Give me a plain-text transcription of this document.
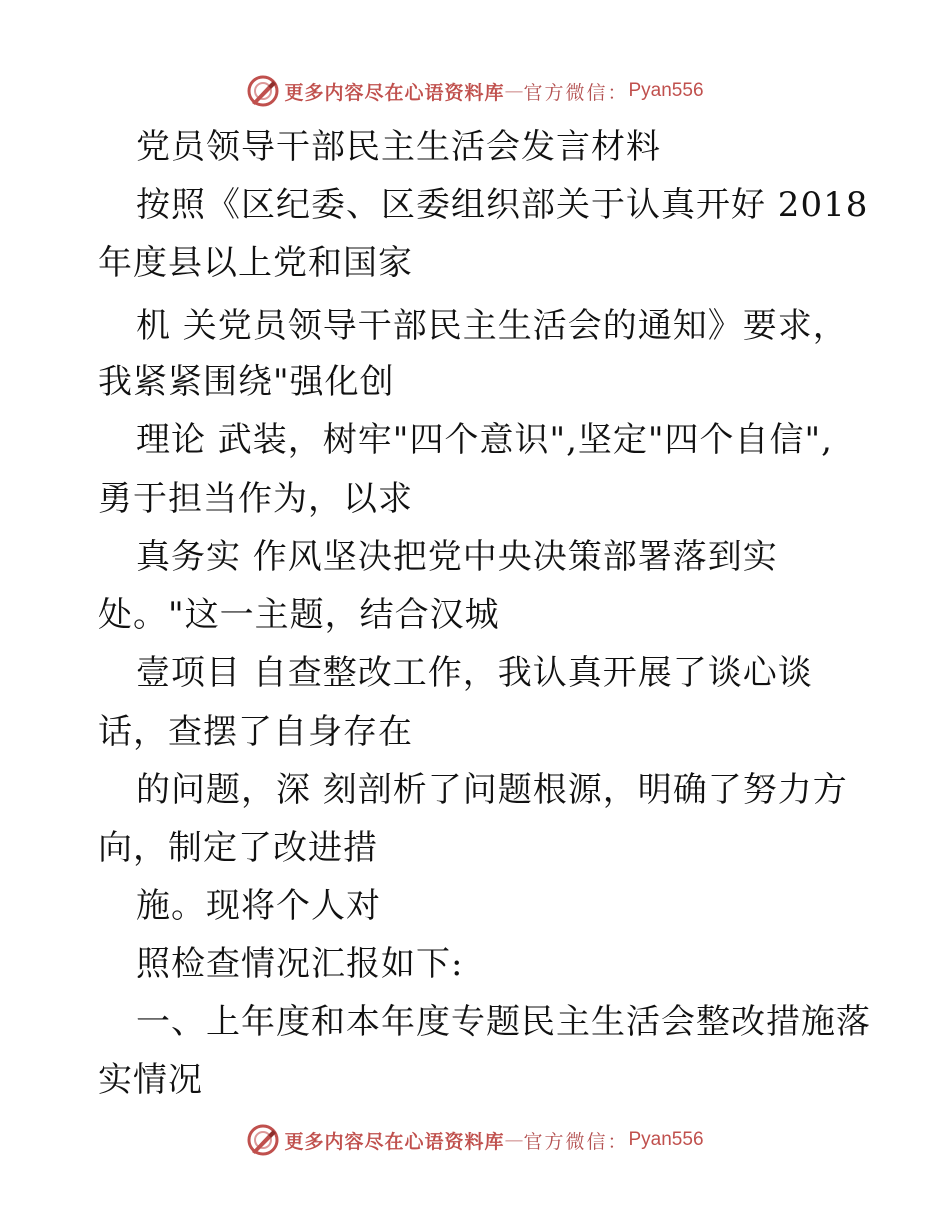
更多内容尽在心语资料库 — 官方微信： Pyan556
党员领导干部民主生活会发言材料
按照《区纪委、区委组织部关于认真开好 2018
年度县以上党和国家
机 关党员领导干部民主生活会的通知》要求，
我紧紧围绕"强化创
理论 武装，树牢"四个意识",坚定"四个自信",
勇于担当作为，以求
真务实 作风坚决把党中央决策部署落到实
处。"这一主题，结合汉城
壹项目 自查整改工作，我认真开展了谈心谈
话，查摆了自身存在
的问题，深 刻剖析了问题根源，明确了努力方
向，制定了改进措
施。现将个人对
照检查情况汇报如下:
一、上年度和本年度专题民主生活会整改措施落
实情况
更多内容尽在心语资料库 — 官方微信： Pyan556
